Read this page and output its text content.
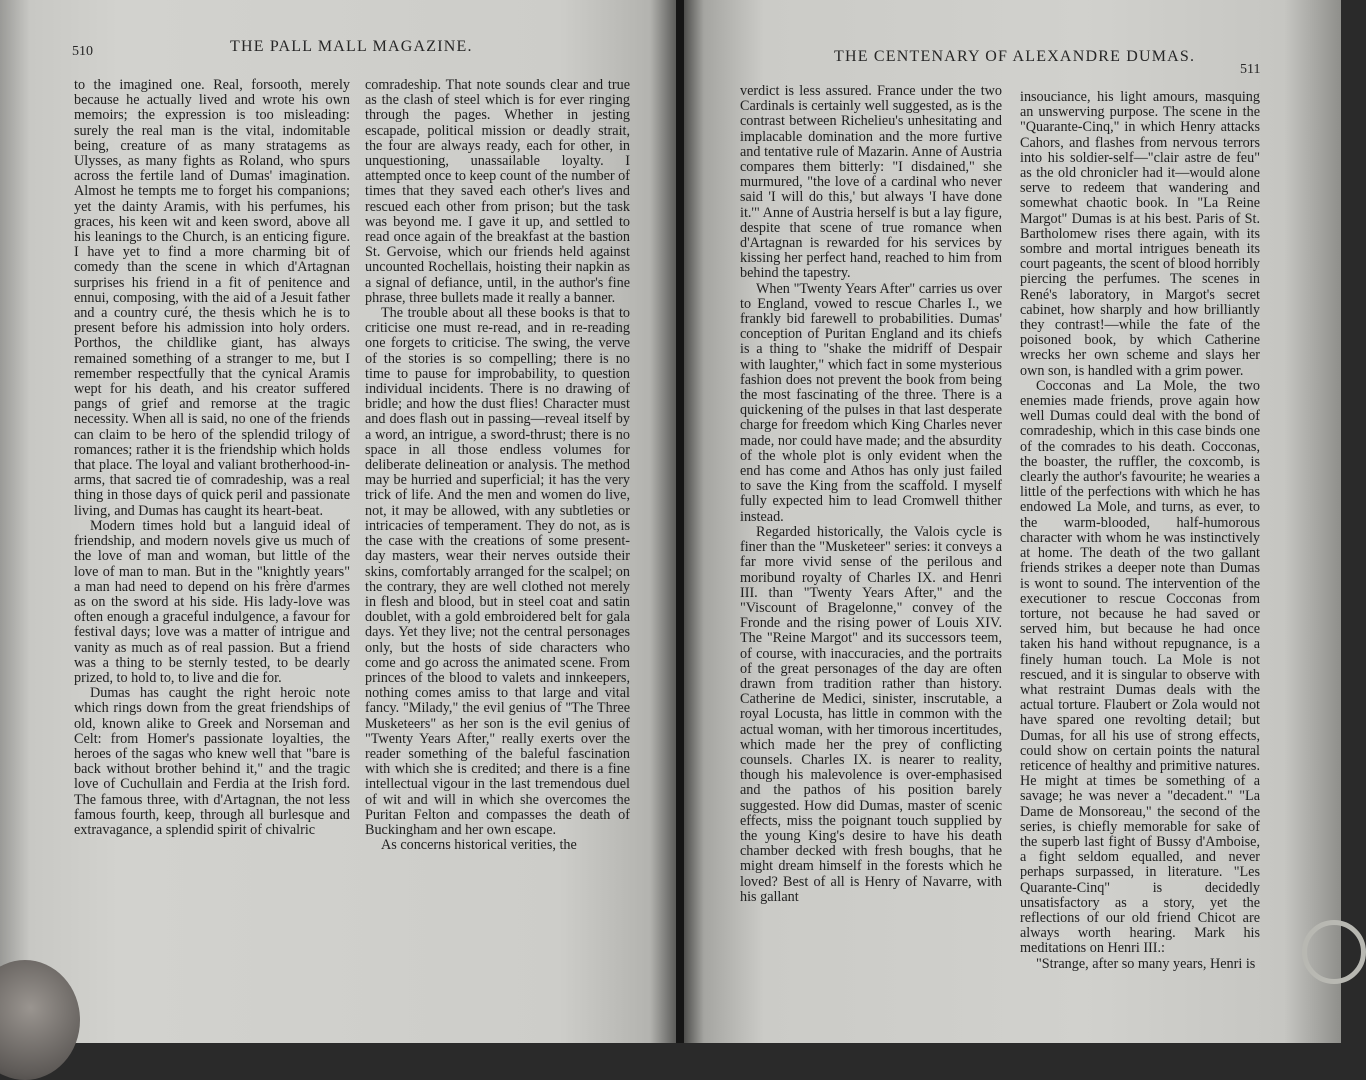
510	THE PALL MALL MAGAZINE.

to the imagined one. Real, forsooth, merely because he actually lived and wrote his own memoirs; the expression is too misleading: surely the real man is the vital, indomitable being, creature of as many stratagems as Ulysses, as many fights as Roland, who spurs across the fertile land of Dumas' imagination. Almost he tempts me to forget his companions; yet the dainty Aramis, with his perfumes, his graces, his keen wit and keen sword, above all his leanings to the Church, is an enticing figure. I have yet to find a more charming bit of comedy than the scene in which d'Artagnan surprises his friend in a fit of penitence and ennui, composing, with the aid of a Jesuit father and a country curé, the thesis which he is to present before his admission into holy orders. Porthos, the childlike giant, has always remained something of a stranger to me, but I remember respectfully that the cynical Aramis wept for his death, and his creator suffered pangs of grief and remorse at the tragic necessity. When all is said, no one of the friends can claim to be hero of the splendid trilogy of romances; rather it is the friendship which holds that place. The loyal and valiant brotherhood-in-arms, that sacred tie of comradeship, was a real thing in those days of quick peril and passionate living, and Dumas has caught its heart-beat.

Modern times hold but a languid ideal of friendship, and modern novels give us much of the love of man and woman, but little of the love of man to man. But in the "knightly years" a man had need to depend on his frère d'armes as on the sword at his side. His lady-love was often enough a graceful indulgence, a favour for festival days; love was a matter of intrigue and vanity as much as of real passion. But a friend was a thing to be sternly tested, to be dearly prized, to hold to, to live and die for.

Dumas has caught the right heroic note which rings down from the great friendships of old, known alike to Greek and Norseman and Celt: from Homer's passionate loyalties, the heroes of the sagas who knew well that "bare is back without brother behind it," and the tragic love of Cuchullain and Ferdia at the Irish ford. The famous three, with d'Artagnan, the not less famous fourth, keep, through all burlesque and extravagance, a splendid spirit of chivalric

comradeship. That note sounds clear and true as the clash of steel which is for ever ringing through the pages. Whether in jesting escapade, political mission or deadly strait, the four are always ready, each for other, in unquestioning, unassailable loyalty. I attempted once to keep count of the number of times that they saved each other's lives and rescued each other from prison; but the task was beyond me. I gave it up, and settled to read once again of the breakfast at the bastion St. Gervoise, which our friends held against uncounted Rochellais, hoisting their napkin as a signal of defiance, until, in the author's fine phrase, three bullets made it really a banner.

The trouble about all these books is that to criticise one must re-read, and in re-reading one forgets to criticise. The swing, the verve of the stories is so compelling; there is no time to pause for improbability, to question individual incidents. There is no drawing of bridle; and how the dust flies! Character must and does flash out in passing—reveal itself by a word, an intrigue, a sword-thrust; there is no space in all those endless volumes for deliberate delineation or analysis. The method may be hurried and superficial; it has the very trick of life. And the men and women do live, not, it may be allowed, with any subtleties or intricacies of temperament. They do not, as is the case with the creations of some present-day masters, wear their nerves outside their skins, comfortably arranged for the scalpel; on the contrary, they are well clothed not merely in flesh and blood, but in steel coat and satin doublet, with a gold embroidered belt for gala days. Yet they live; not the central personages only, but the hosts of side characters who come and go across the animated scene. From princes of the blood to valets and innkeepers, nothing comes amiss to that large and vital fancy. "Milady," the evil genius of "The Three Musketeers" as her son is the evil genius of "Twenty Years After," really exerts over the reader something of the baleful fascination with which she is credited; and there is a fine intellectual vigour in the last tremendous duel of wit and will in which she overcomes the Puritan Felton and compasses the death of Buckingham and her own escape.

As concerns historical verities, the

THE CENTENARY OF ALEXANDRE DUMAS.
511

verdict is less assured. France under the two Cardinals is certainly well suggested, as is the contrast between Richelieu's unhesitating and implacable domination and the more furtive and tentative rule of Mazarin. Anne of Austria compares them bitterly: "I disdained," she murmured, "the love of a cardinal who never said 'I will do this,' but always 'I have done it.'" Anne of Austria herself is but a lay figure, despite that scene of true romance when d'Artagnan is rewarded for his services by kissing her perfect hand, reached to him from behind the tapestry.

When "Twenty Years After" carries us over to England, vowed to rescue Charles I., we frankly bid farewell to probabilities. Dumas' conception of Puritan England and its chiefs is a thing to "shake the midriff of Despair with laughter," which fact in some mysterious fashion does not prevent the book from being the most fascinating of the three. There is a quickening of the pulses in that last desperate charge for freedom which King Charles never made, nor could have made; and the absurdity of the whole plot is only evident when the end has come and Athos has only just failed to save the King from the scaffold. I myself fully expected him to lead Cromwell thither instead.

Regarded historically, the Valois cycle is finer than the "Musketeer" series: it conveys a far more vivid sense of the perilous and moribund royalty of Charles IX. and Henri III. than "Twenty Years After," and the "Viscount of Bragelonne," convey of the Fronde and the rising power of Louis XIV. The "Reine Margot" and its successors teem, of course, with inaccuracies, and the portraits of the great personages of the day are often drawn from tradition rather than history. Catherine de Medici, sinister, inscrutable, a royal Locusta, has little in common with the actual woman, with her timorous incertitudes, which made her the prey of conflicting counsels. Charles IX. is nearer to reality, though his malevolence is over-emphasised and the pathos of his position barely suggested. How did Dumas, master of scenic effects, miss the poignant touch supplied by the young King's desire to have his death chamber decked with fresh boughs, that he might dream himself in the forests which he loved? Best of all is Henry of Navarre, with his gallant

insouciance, his light amours, masquing an unswerving purpose. The scene in the "Quarante-Cinq," in which Henry attacks Cahors, and flashes from nervous terrors into his soldier-self—"clair astre de feu" as the old chronicler had it—would alone serve to redeem that wandering and somewhat chaotic book. In "La Reine Margot" Dumas is at his best. Paris of St. Bartholomew rises there again, with its sombre and mortal intrigues beneath its court pageants, the scent of blood horribly piercing the perfumes. The scenes in René's laboratory, in Margot's secret cabinet, how sharply and how brilliantly they contrast!—while the fate of the poisoned book, by which Catherine wrecks her own scheme and slays her own son, is handled with a grim power.

Cocconas and La Mole, the two enemies made friends, prove again how well Dumas could deal with the bond of comradeship, which in this case binds one of the comrades to his death. Cocconas, the boaster, the ruffler, the coxcomb, is clearly the author's favourite; he wearies a little of the perfections with which he has endowed La Mole, and turns, as ever, to the warm-blooded, half-humorous character with whom he was instinctively at home. The death of the two gallant friends strikes a deeper note than Dumas is wont to sound. The intervention of the executioner to rescue Cocconas from torture, not because he had saved or served him, but because he had once taken his hand without repugnance, is a finely human touch. La Mole is not rescued, and it is singular to observe with what restraint Dumas deals with the actual torture. Flaubert or Zola would not have spared one revolting detail; but Dumas, for all his use of strong effects, could show on certain points the natural reticence of healthy and primitive natures. He might at times be something of a savage; he was never a "decadent." "La Dame de Monsoreau," the second of the series, is chiefly memorable for sake of the superb last fight of Bussy d'Amboise, a fight seldom equalled, and never perhaps surpassed, in literature. "Les Quarante-Cinq" is decidedly unsatisfactory as a story, yet the reflections of our old friend Chicot are always worth hearing. Mark his meditations on Henri III.:

"Strange, after so many years, Henri is
